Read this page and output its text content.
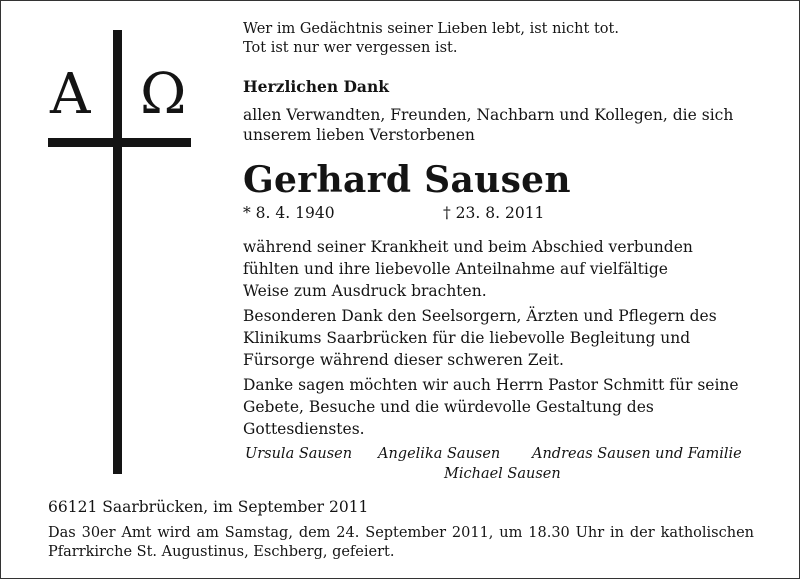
Α Ω
Wer im Gedächtnis seiner Lieben lebt, ist nicht tot.
Tot ist nur wer vergessen ist.
Herzlichen Dank
allen Verwandten, Freunden, Nachbarn und Kollegen, die sich
unserem lieben Verstorbenen
Gerhard Sausen
* 8. 4. 1940	† 23. 8. 2011
während seiner Krankheit und beim Abschied verbunden
fühlten und ihre liebevolle Anteilnahme auf vielfältige
Weise zum Ausdruck brachten.
Besonderen Dank den Seelsorgern, Ärzten und Pflegern des
Klinikums Saarbrücken für die liebevolle Begleitung und
Fürsorge während dieser schweren Zeit.
Danke sagen möchten wir auch Herrn Pastor Schmitt für seine
Gebete, Besuche und die würdevolle Gestaltung des
Gottesdienstes.
Ursula Sausen Angelika Sausen Andreas Sausen und Familie
Michael Sausen
66121 Saarbrücken, im September 2011
Das 30er Amt wird am Samstag, dem 24. September 2011, um 18.30 Uhr in der katholischen
Pfarrkirche St. Augustinus, Eschberg, gefeiert.
